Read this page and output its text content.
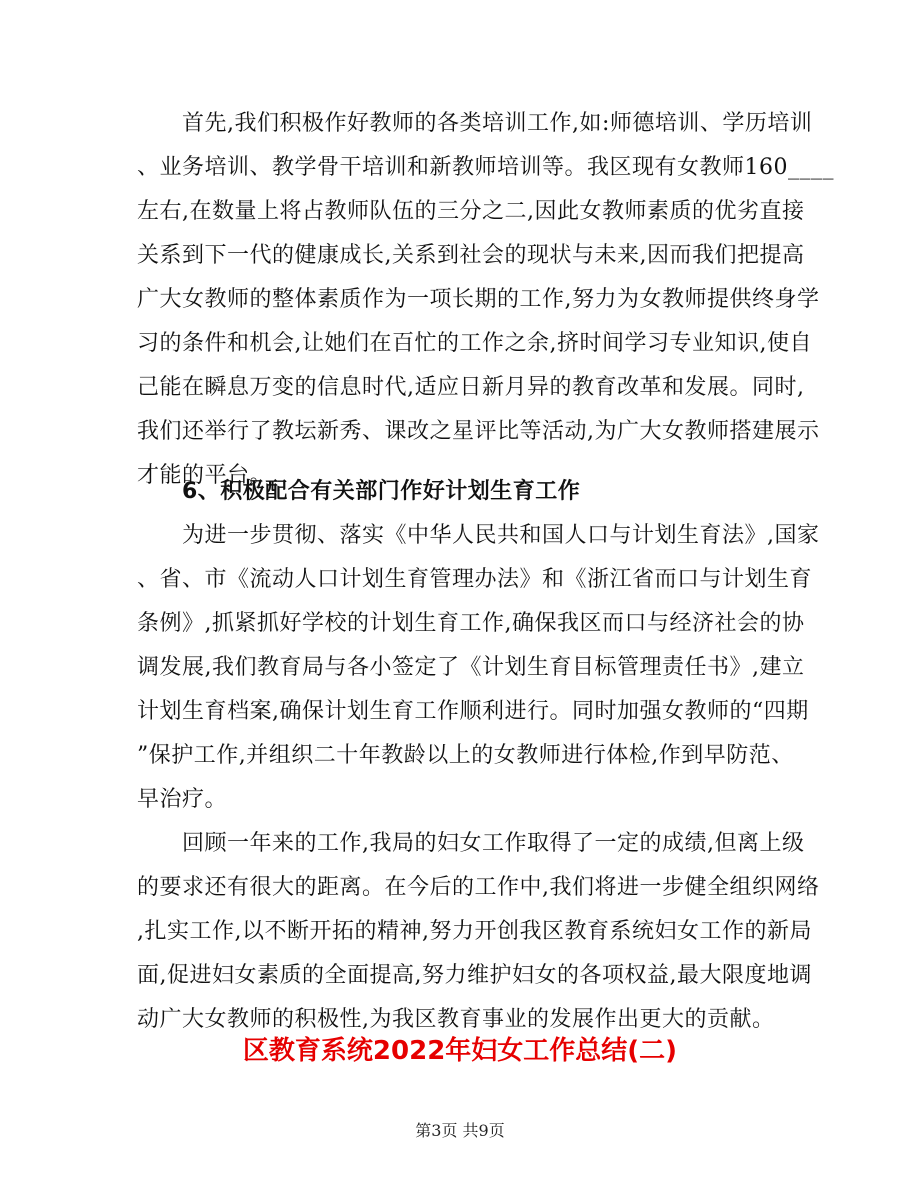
首先,我们积极作好教师的各类培训工作,如:师德培训、学历培训
、业务培训、教学骨干培训和新教师培训等。我区现有女教师160____
左右,在数量上将占教师队伍的三分之二,因此女教师素质的优劣直接
关系到下一代的健康成长,关系到社会的现状与未来,因而我们把提高
广大女教师的整体素质作为一项长期的工作,努力为女教师提供终身学
习的条件和机会,让她们在百忙的工作之余,挤时间学习专业知识,使自
己能在瞬息万变的信息时代,适应日新月异的教育改革和发展。同时,
我们还举行了教坛新秀、课改之星评比等活动,为广大女教师搭建展示
才能的平台。
6、积极配合有关部门作好计划生育工作
为进一步贯彻、落实《中华人民共和国人口与计划生育法》,国家
、省、市《流动人口计划生育管理办法》和《浙江省而口与计划生育
条例》,抓紧抓好学校的计划生育工作,确保我区而口与经济社会的协
调发展,我们教育局与各小签定了《计划生育目标管理责任书》,建立
计划生育档案,确保计划生育工作顺利进行。同时加强女教师的“四期
”保护工作,并组织二十年教龄以上的女教师进行体检,作到早防范、
早治疗。
回顾一年来的工作,我局的妇女工作取得了一定的成绩,但离上级
的要求还有很大的距离。在今后的工作中,我们将进一步健全组织网络
,扎实工作,以不断开拓的精神,努力开创我区教育系统妇女工作的新局
面,促进妇女素质的全面提高,努力维护妇女的各项权益,最大限度地调
动广大女教师的积极性,为我区教育事业的发展作出更大的贡献。
区教育系统2022年妇女工作总结(二)
第3页 共9页
